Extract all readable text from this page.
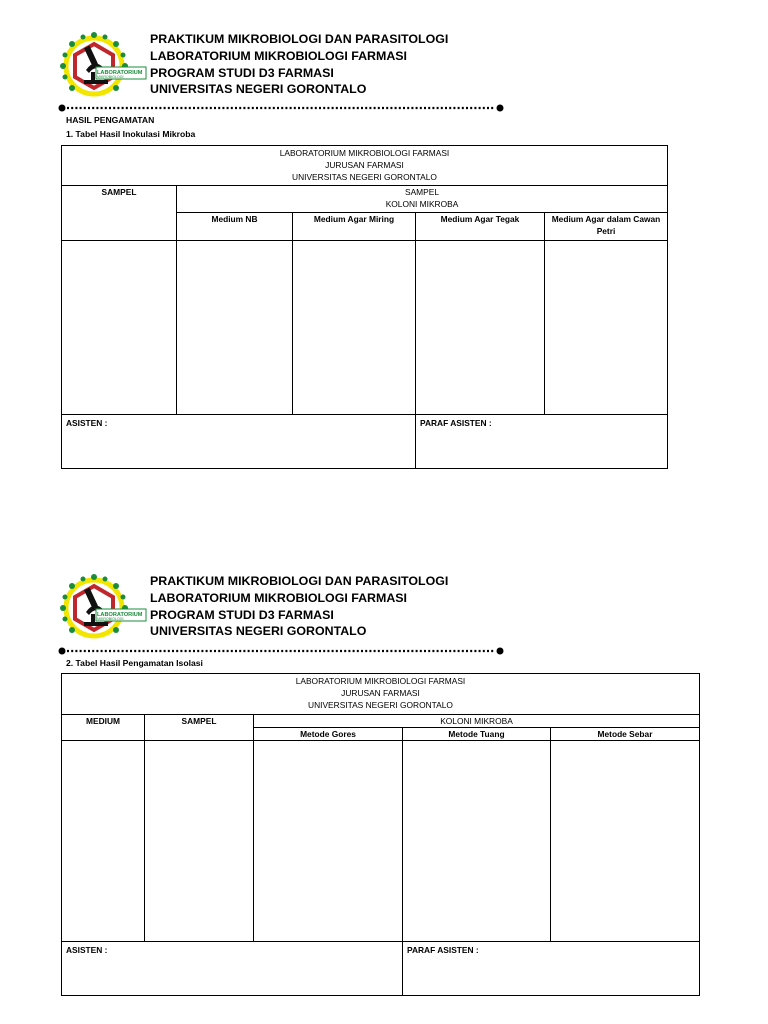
LABORATORIUM
MIKROBIOLOGI
PRAKTIKUM MIKROBIOLOGI DAN PARASITOLOGI
LABORATORIUM MIKROBIOLOGI FARMASI
PROGRAM STUDI D3 FARMASI
UNIVERSITAS NEGERI GORONTALO
HASIL PENGAMATAN
1. Tabel Hasil Inokulasi Mikroba
LABORATORIUM MIKROBIOLOGI FARMASI
JURUSAN FARMASI
UNIVERSITAS NEGERI GORONTALO				

SAMPEL	SAMPEL
KOLONI MIKROBA			

	Medium NB	Medium Agar Miring	Medium Agar Tegak	Medium Agar dalam Cawan Petri

ASISTEN :			PARAF ASISTEN :	
LABORATORIUM
MIKROBIOLOGI
PRAKTIKUM MIKROBIOLOGI DAN PARASITOLOGI
LABORATORIUM MIKROBIOLOGI FARMASI
PROGRAM STUDI D3 FARMASI
UNIVERSITAS NEGERI GORONTALO
2. Tabel Hasil Pengamatan Isolasi
LABORATORIUM MIKROBIOLOGI FARMASI
JURUSAN FARMASI
UNIVERSITAS NEGERI GORONTALO				

MEDIUM	SAMPEL	KOLONI MIKROBA		
		Metode Gores	Metode Tuang	Metode Sebar

ASISTEN :			PARAF ASISTEN :	
